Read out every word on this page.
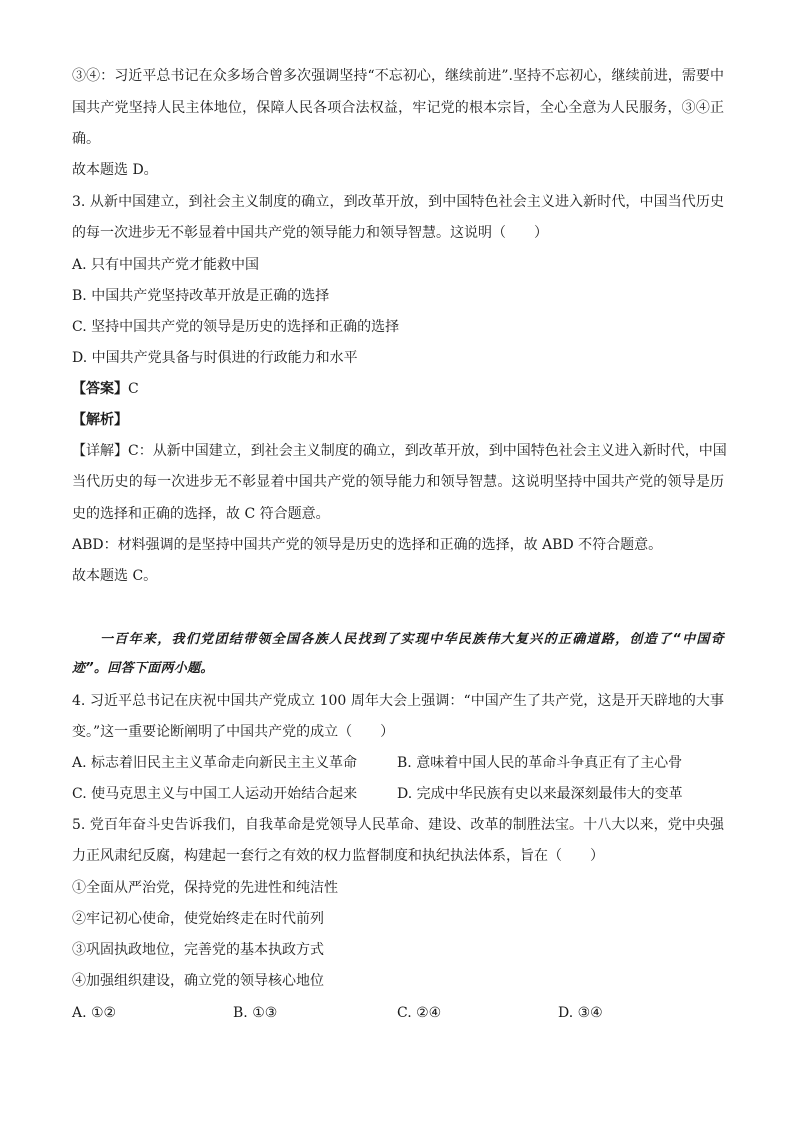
③④：习近平总书记在众多场合曾多次强调坚持“不忘初心，继续前进”.坚持不忘初心，继续前进，需要中
国共产党坚持人民主体地位，保障人民各项合法权益，牢记党的根本宗旨，全心全意为人民服务，③④正
确。
故本题选 D。
3. 从新中国建立，到社会主义制度的确立，到改革开放，到中国特色社会主义进入新时代，中国当代历史
的每一次进步无不彰显着中国共产党的领导能力和领导智慧。这说明（　　）
A. 只有中国共产党才能救中国
B. 中国共产党坚持改革开放是正确的选择
C. 坚持中国共产党的领导是历史的选择和正确的选择
D. 中国共产党具备与时俱进的行政能力和水平
【答案】C
【解析】
【详解】C：从新中国建立，到社会主义制度的确立，到改革开放，到中国特色社会主义进入新时代，中国
当代历史的每一次进步无不彰显着中国共产党的领导能力和领导智慧。这说明坚持中国共产党的领导是历
史的选择和正确的选择，故 C 符合题意。
ABD：材料强调的是坚持中国共产党的领导是历史的选择和正确的选择，故 ABD 不符合题意。
故本题选 C。
一百年来，我们党团结带领全国各族人民找到了实现中华民族伟大复兴的正确道路，创造了“中国奇
迹”。回答下面两小题。
4. 习近平总书记在庆祝中国共产党成立 100 周年大会上强调：“中国产生了共产党，这是开天辟地的大事
变。”这一重要论断阐明了中国共产党的成立（　　）
A. 标志着旧民主主义革命走向新民主主义革命	B. 意味着中国人民的革命斗争真正有了主心骨
C. 使马克思主义与中国工人运动开始结合起来	D. 完成中华民族有史以来最深刻最伟大的变革
5. 党百年奋斗史告诉我们，自我革命是党领导人民革命、建设、改革的制胜法宝。十八大以来，党中央强
力正风肃纪反腐，构建起一套行之有效的权力监督制度和执纪执法体系，旨在（　　）
①全面从严治党，保持党的先进性和纯洁性
②牢记初心使命，使党始终走在时代前列
③巩固执政地位，完善党的基本执政方式
④加强组织建设，确立党的领导核心地位
A. ①②	B. ①③	C. ②④	D. ③④
